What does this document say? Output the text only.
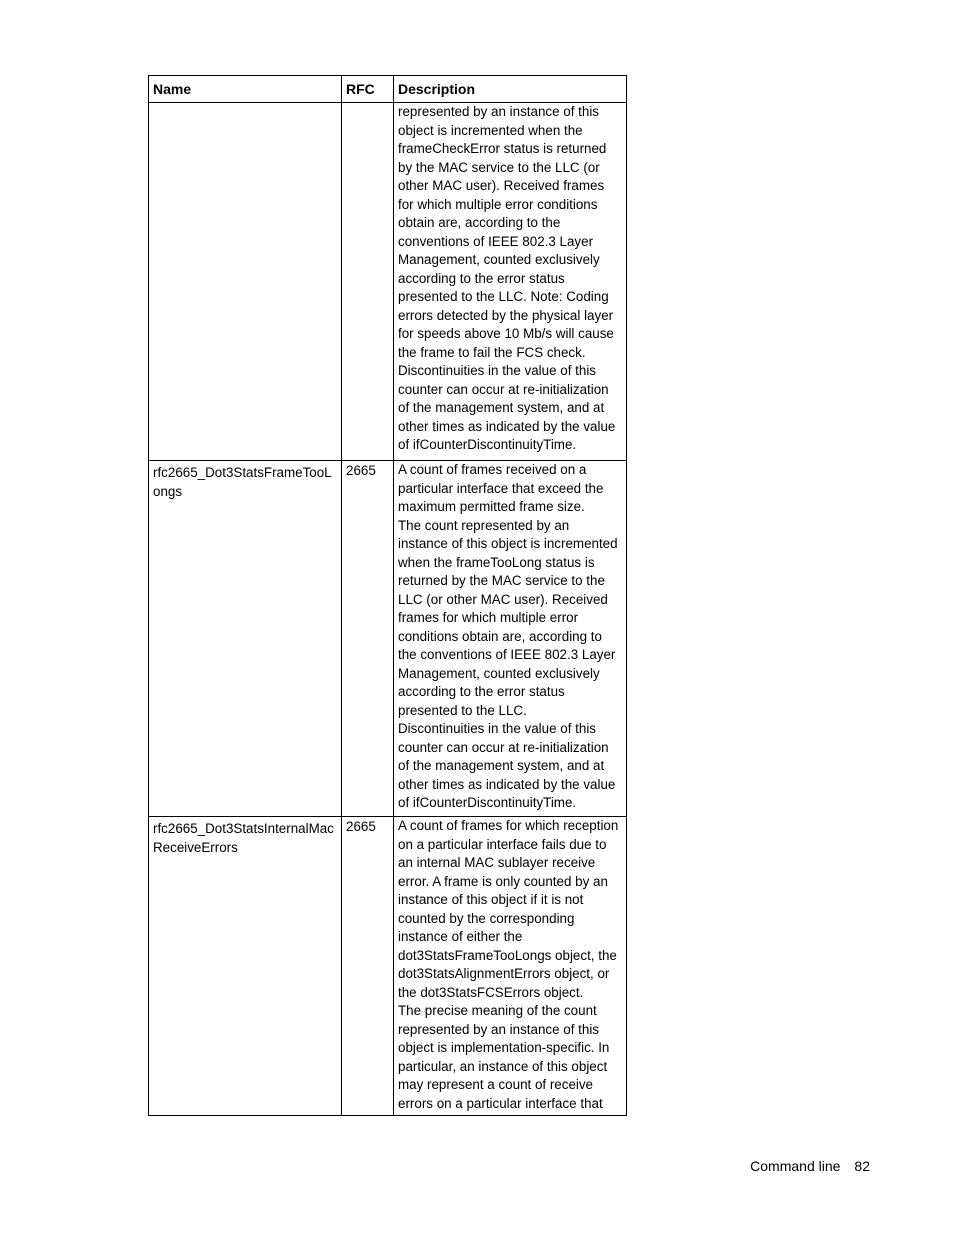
Name	RFC	Description

		represented by an instance of this object is incremented when the frameCheckError status is returned by the MAC service to the LLC (or other MAC user). Received frames for which multiple error conditions obtain are, according to the conventions of IEEE 802.3 Layer Management, counted exclusively according to the error status presented to the LLC. Note: Coding errors detected by the physical layer for speeds above 10 Mb/s will cause the frame to fail the FCS check.

Discontinuities in the value of this counter can occur at re-initialization of the management system, and at other times as indicated by the value of ifCounterDiscontinuityTime.

rfc2665_Dot3StatsFrameTooLongs	2665	A count of frames received on a particular interface that exceed the maximum permitted frame size.

The count represented by an instance of this object is incremented when the frameTooLong status is returned by the MAC service to the LLC (or other MAC user). Received frames for which multiple error conditions obtain are, according to the conventions of IEEE 802.3 Layer Management, counted exclusively according to the error status presented to the LLC.

Discontinuities in the value of this counter can occur at re-initialization of the management system, and at other times as indicated by the value of ifCounterDiscontinuityTime.

rfc2665_Dot3StatsInternalMacReceiveErrors	2665	A count of frames for which reception on a particular interface fails due to an internal MAC sublayer receive error. A frame is only counted by an instance of this object if it is not counted by the corresponding instance of either the dot3StatsFrameTooLongs object, the dot3StatsAlignmentErrors object, or the dot3StatsFCSErrors object.

The precise meaning of the count represented by an instance of this object is implementation-specific. In particular, an instance of this object may represent a count of receive errors on a particular interface that

Command line 82
